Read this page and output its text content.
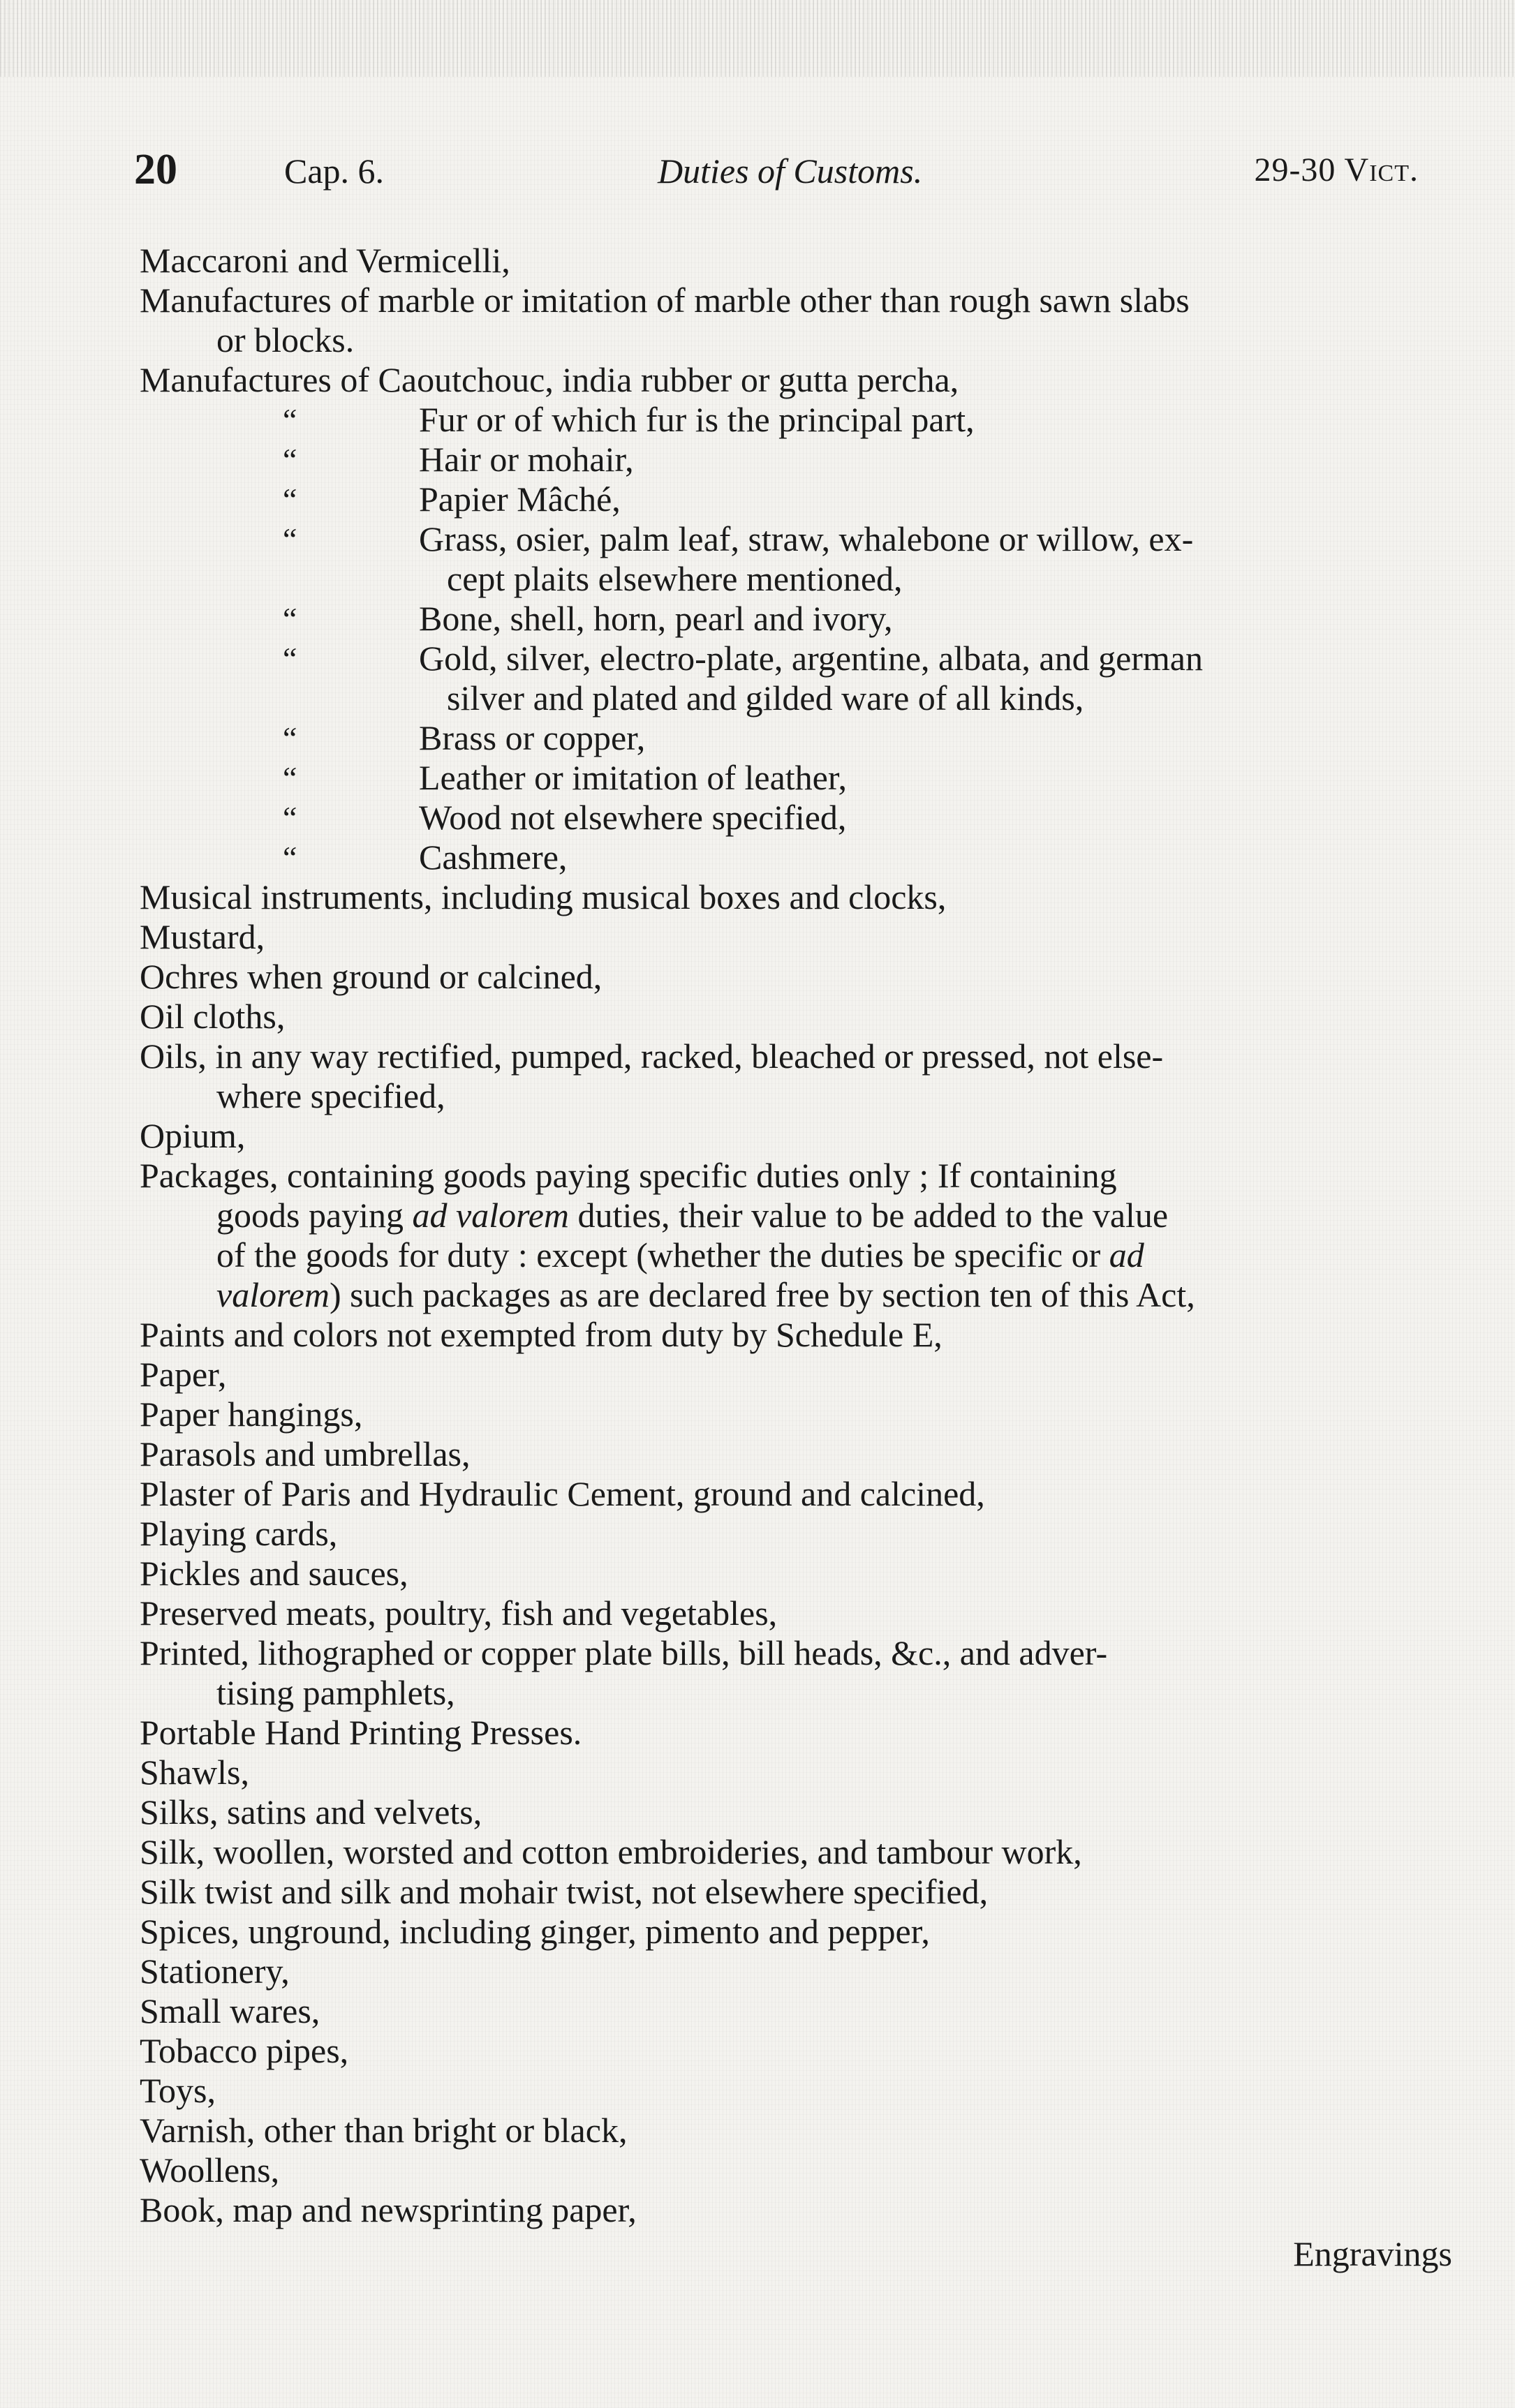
20	Cap. 6.	Duties of Customs.	29-30 Vict.
Maccaroni and Vermicelli,
Manufactures of marble or imitation of marble other than rough sawn slabs
or blocks.
Manufactures of Caoutchouc, india rubber or gutta percha,
“	Fur or of which fur is the principal part,
“	Hair or mohair,
“	Papier Mâché,
“	Grass, osier, palm leaf, straw, whalebone or willow, ex-
cept plaits elsewhere mentioned,
“	Bone, shell, horn, pearl and ivory,
“	Gold, silver, electro-plate, argentine, albata, and german
silver and plated and gilded ware of all kinds,
“	Brass or copper,
“	Leather or imitation of leather,
“	Wood not elsewhere specified,
“	Cashmere,
Musical instruments, including musical boxes and clocks,
Mustard,
Ochres when ground or calcined,
Oil cloths,
Oils, in any way rectified, pumped, racked, bleached or pressed, not else-
where specified,
Opium,
Packages, containing goods paying specific duties only ; If containing
goods paying ad valorem duties, their value to be added to the value
of the goods for duty : except (whether the duties be specific or ad
valorem) such packages as are declared free by section ten of this Act,
Paints and colors not exempted from duty by Schedule E,
Paper,
Paper hangings,
Parasols and umbrellas,
Plaster of Paris and Hydraulic Cement, ground and calcined,
Playing cards,
Pickles and sauces,
Preserved meats, poultry, fish and vegetables,
Printed, lithographed or copper plate bills, bill heads, &c., and adver-
tising pamphlets,
Portable Hand Printing Presses.
Shawls,
Silks, satins and velvets,
Silk, woollen, worsted and cotton embroideries, and tambour work,
Silk twist and silk and mohair twist, not elsewhere specified,
Spices, unground, including ginger, pimento and pepper,
Stationery,
Small wares,
Tobacco pipes,
Toys,
Varnish, other than bright or black,
Woollens,
Book, map and newsprinting paper,
Engravings
